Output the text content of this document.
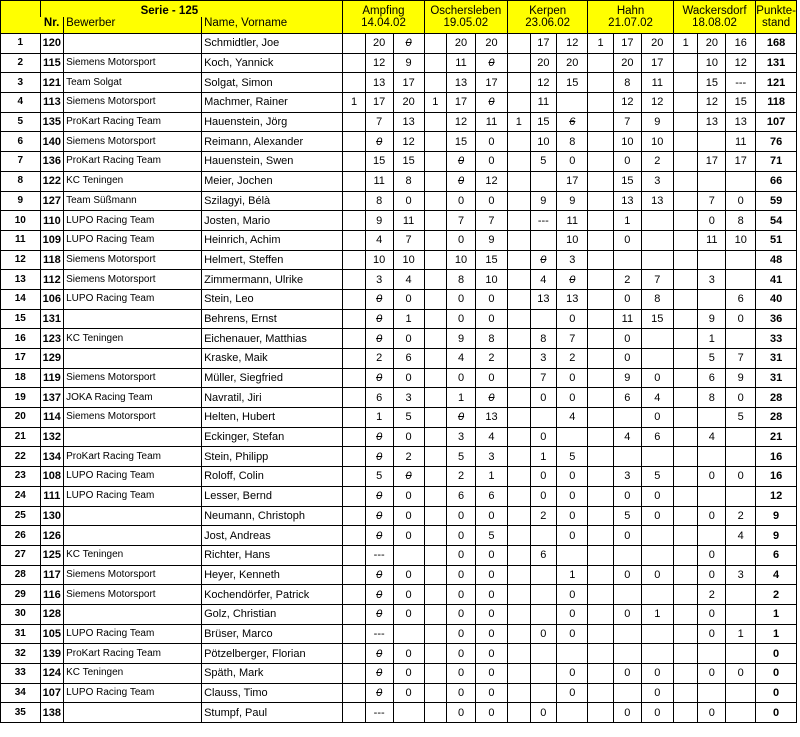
	Serie - 125			Ampfing			Oschersleben			Kerpen			Hahn			Wackersdorf			Punkte-
	Nr.	Bewerber	Name, Vorname	14.04.02			19.05.02			23.06.02			21.07.02			18.08.02			stand
1	120		Schmidtler, Joe		20	0		20	20		17	12	1	17	20	1	20	16	168
2	115	Siemens Motorsport	Koch, Yannick		12	9		11	0		20	20		20	17		10	12	131
3	121	Team Solgat	Solgat, Simon		13	17		13	17		12	15		8	11		15	---	121
4	113	Siemens Motorsport	Machmer, Rainer	1	17	20	1	17	0		11			12	12		12	15	118
5	135	ProKart Racing Team	Hauenstein, Jörg		7	13		12	11	1	15	6		7	9		13	13	107
6	140	Siemens Motorsport	Reimann, Alexander		0	12		15	0		10	8		10	10			11	76
7	136	ProKart Racing Team	Hauenstein, Swen		15	15		0	0		5	0		0	2		17	17	71
8	122	KC Teningen	Meier, Jochen		11	8		0	12			17		15	3				66
9	127	Team Süßmann	Szilagyi, Bélà		8	0		0	0		9	9		13	13		7	0	59
10	110	LUPO Racing Team	Josten, Mario		9	11		7	7		---	11		1			0	8	54
11	109	LUPO Racing Team	Heinrich, Achim		4	7		0	9			10		0			11	10	51
12	118	Siemens Motorsport	Helmert, Steffen		10	10		10	15		0	3							48
13	112	Siemens Motorsport	Zimmermann, Ulrike		3	4		8	10		4	0		2	7		3		41
14	106	LUPO Racing Team	Stein, Leo		0	0		0	0		13	13		0	8			6	40
15	131		Behrens, Ernst		0	1		0	0			0		11	15		9	0	36
16	123	KC Teningen	Eichenauer, Matthias		0	0		9	8		8	7		0			1		33
17	129		Kraske, Maik		2	6		4	2		3	2		0			5	7	31
18	119	Siemens Motorsport	Müller, Siegfried		0	0		0	0		7	0		9	0		6	9	31
19	137	JOKA Racing Team	Navratil, Jiri		6	3		1	0		0	0		6	4		8	0	28
20	114	Siemens Motorsport	Helten, Hubert		1	5		0	13			4			0			5	28
21	132		Eckinger, Stefan		0	0		3	4		0			4	6		4		21
22	134	ProKart Racing Team	Stein, Philipp		0	2		5	3		1	5							16
23	108	LUPO Racing Team	Roloff, Colin		5	0		2	1		0	0		3	5		0	0	16
24	111	LUPO Racing Team	Lesser, Bernd		0	0		6	6		0	0		0	0				12
25	130		Neumann, Christoph		0	0		0	0		2	0		5	0		0	2	9
26	126		Jost, Andreas		0	0		0	5			0		0				4	9
27	125	KC Teningen	Richter, Hans		---			0	0		6						0		6
28	117	Siemens Motorsport	Heyer, Kenneth		0	0		0	0			1		0	0		0	3	4
29	116	Siemens Motorsport	Kochendörfer, Patrick		0	0		0	0			0					2		2
30	128		Golz, Christian		0	0		0	0			0		0	1		0		1
31	105	LUPO Racing Team	Brüser, Marco		---			0	0		0	0					0	1	1
32	139	ProKart Racing Team	Pötzelberger, Florian		0	0		0	0										0
33	124	KC Teningen	Späth, Mark		0	0		0	0			0		0	0		0	0	0
34	107	LUPO Racing Team	Clauss, Timo		0	0		0	0			0			0				0
35	138		Stumpf, Paul		---			0	0		0			0	0		0		0
